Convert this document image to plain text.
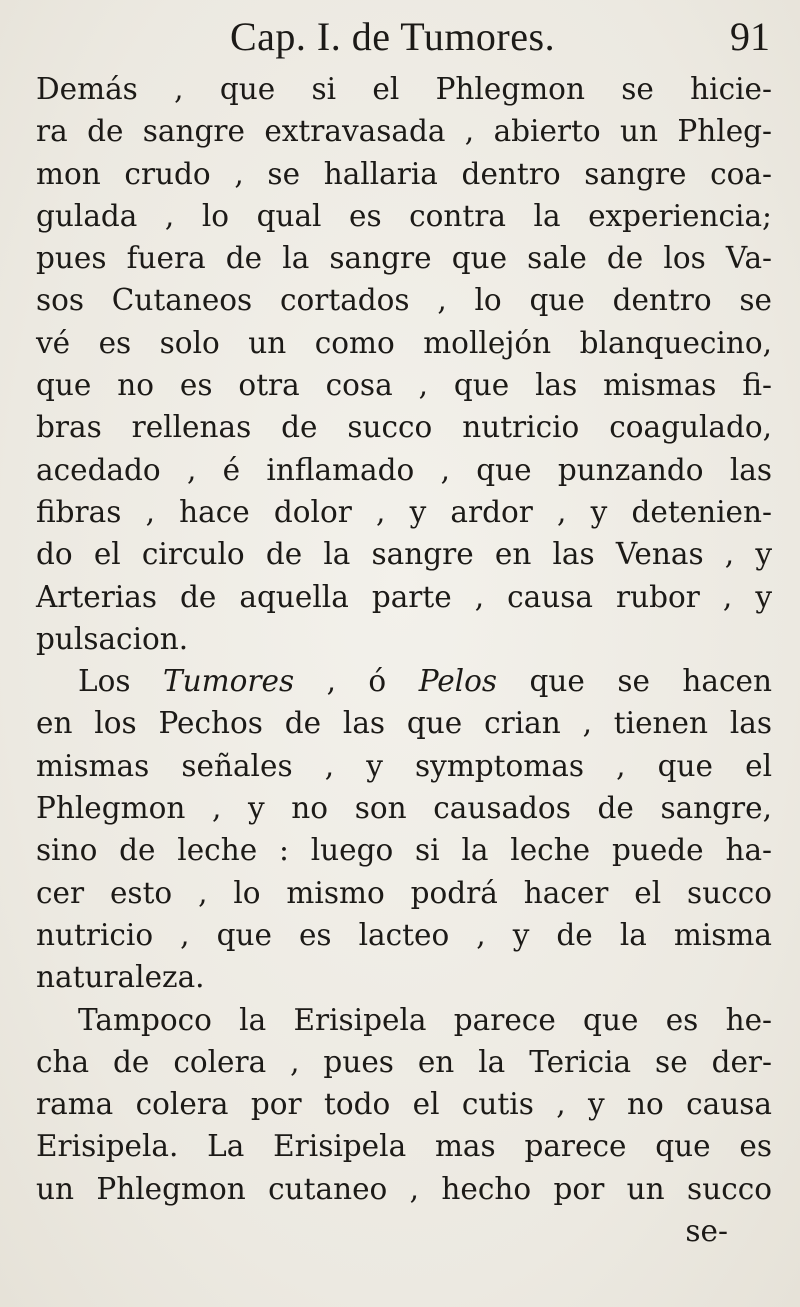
Cap. I. de Tumores.	91
Demás , que si el Phlegmon se hicie-
ra de sangre extravasada , abierto un Phleg-
mon crudo , se hallaria dentro sangre coa-
gulada , lo qual es contra la experiencia;
pues fuera de la sangre que sale de los Va-
sos Cutaneos cortados , lo que dentro se
vé es solo un como mollejón blanquecino,
que no es otra cosa , que las mismas fi-
bras rellenas de succo nutricio coagulado,
acedado , é inflamado , que punzando las
fibras , hace dolor , y ardor , y detenien-
do el circulo de la sangre en las Venas , y
Arterias de aquella parte , causa rubor , y
pulsacion.
Los Tumores , ó Pelos que se hacen
en los Pechos de las que crian , tienen las
mismas señales , y symptomas , que el
Phlegmon , y no son causados de sangre,
sino de leche : luego si la leche puede ha-
cer esto , lo mismo podrá hacer el succo
nutricio , que es lacteo , y de la misma
naturaleza.
Tampoco la Erisipela parece que es he-
cha de colera , pues en la Tericia se der-
rama colera por todo el cutis , y no causa
Erisipela. La Erisipela mas parece que es
un Phlegmon cutaneo , hecho por un succo
se-
